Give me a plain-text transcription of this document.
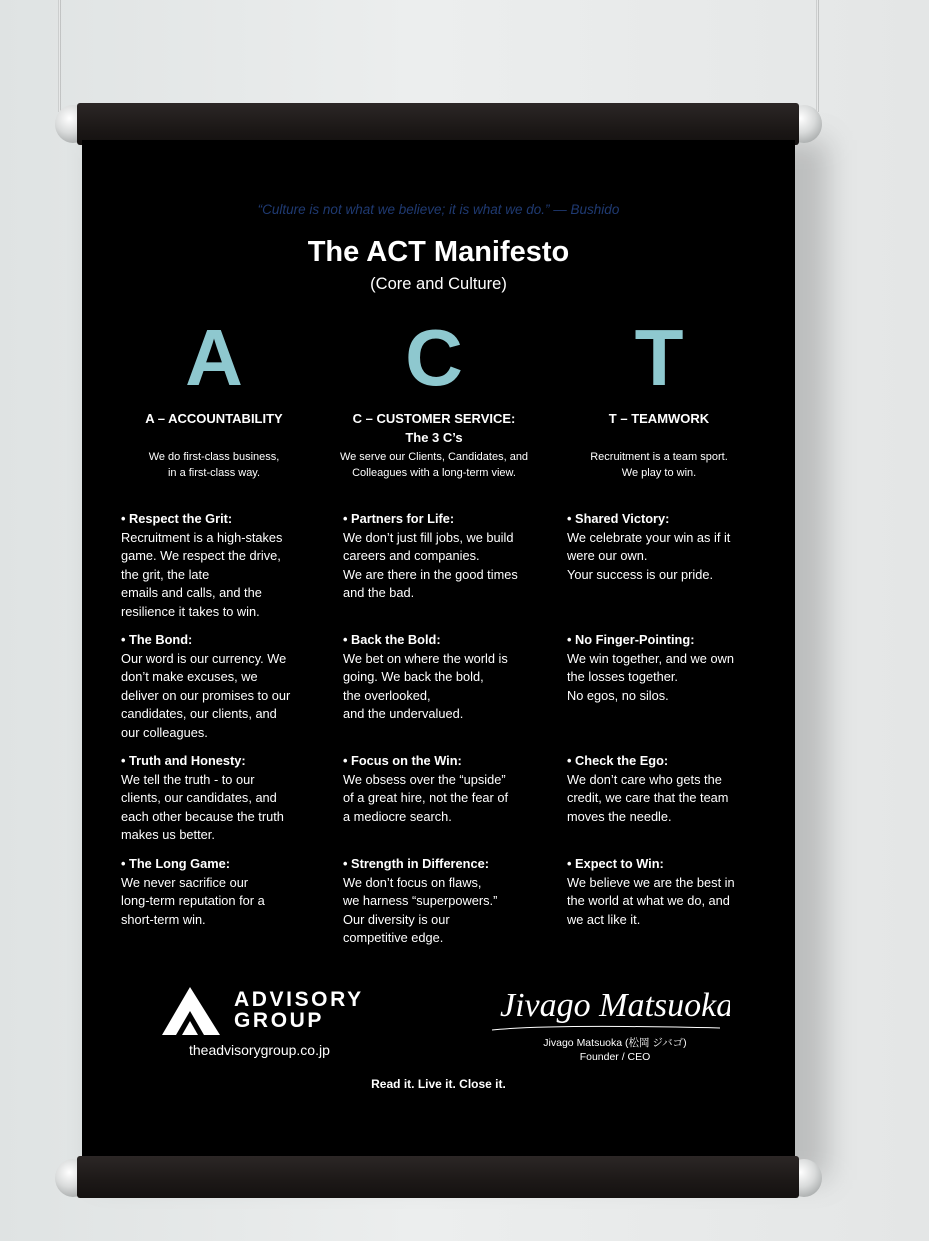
“Culture is not what we believe; it is what we do.” — Bushido
The ACT Manifesto
(Core and Culture)
A
A – ACCOUNTABILITY
We do first-class business,
in a first-class way.
C
C – CUSTOMER SERVICE:
The 3 C’s
We serve our Clients, Candidates, and
Colleagues with a long-term view.
T
T – TEAMWORK
Recruitment is a team sport.
We play to win.
• Respect the Grit:
Recruitment is a high-stakes
game. We respect the drive,
the grit, the late
emails and calls, and the
resilience it takes to win.
• The Bond:
Our word is our currency. We
don’t make excuses, we
deliver on our promises to our
candidates, our clients, and
our colleagues.
• Truth and Honesty:
We tell the truth - to our
clients, our candidates, and
each other because the truth
makes us better.
• The Long Game:
We never sacrifice our
long-term reputation for a
short-term win.
• Partners for Life:
We don’t just fill jobs, we build
careers and companies.
We are there in the good times
and the bad.
• Back the Bold:
We bet on where the world is
going. We back the bold,
the overlooked,
and the undervalued.
• Focus on the Win:
We obsess over the “upside”
of a great hire, not the fear of
a mediocre search.
• Strength in Difference:
We don’t focus on flaws,
we harness “superpowers.”
Our diversity is our
competitive edge.
• Shared Victory:
We celebrate your win as if it
were our own.
Your success is our pride.
• No Finger-Pointing:
We win together, and we own
the losses together.
No egos, no silos.
• Check the Ego:
We don’t care who gets the
credit, we care that the team
moves the needle.
• Expect to Win:
We believe we are the best in
the world at what we do, and
we act like it.
ADVISORY
GROUP
theadvisorygroup.co.jp
Jivago Matsuoka
Jivago Matsuoka (松岡 ジバゴ)
Founder / CEO
Read it. Live it. Close it.
